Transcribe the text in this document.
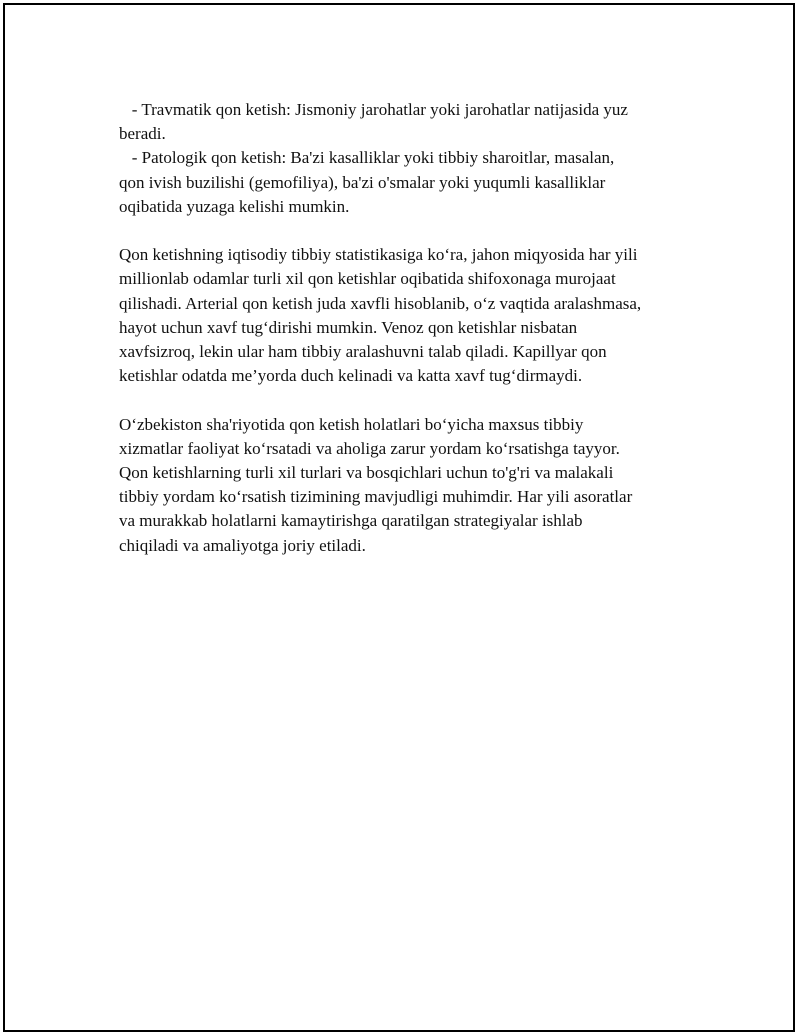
- Travmatik qon ketish: Jismoniy jarohatlar yoki jarohatlar natijasida yuz
beradi.
- Patologik qon ketish: Ba'zi kasalliklar yoki tibbiy sharoitlar, masalan,
qon ivish buzilishi (gemofiliya), ba'zi o'smalar yoki yuqumli kasalliklar
oqibatida yuzaga kelishi mumkin.
Qon ketishning iqtisodiy tibbiy statistikasiga ko‘ra, jahon miqyosida har yili
millionlab odamlar turli xil qon ketishlar oqibatida shifoxonaga murojaat
qilishadi. Arterial qon ketish juda xavfli hisoblanib, o‘z vaqtida aralashmasa,
hayot uchun xavf tug‘dirishi mumkin. Venoz qon ketishlar nisbatan
xavfsizroq, lekin ular ham tibbiy aralashuvni talab qiladi. Kapillyar qon
ketishlar odatda me’yorda duch kelinadi va katta xavf tug‘dirmaydi.
O‘zbekiston sha'riyotida qon ketish holatlari bo‘yicha maxsus tibbiy
xizmatlar faoliyat ko‘rsatadi va aholiga zarur yordam ko‘rsatishga tayyor.
Qon ketishlarning turli xil turlari va bosqichlari uchun to'g'ri va malakali
tibbiy yordam ko‘rsatish tizimining mavjudligi muhimdir. Har yili asoratlar
va murakkab holatlarni kamaytirishga qaratilgan strategiyalar ishlab
chiqiladi va amaliyotga joriy etiladi.
